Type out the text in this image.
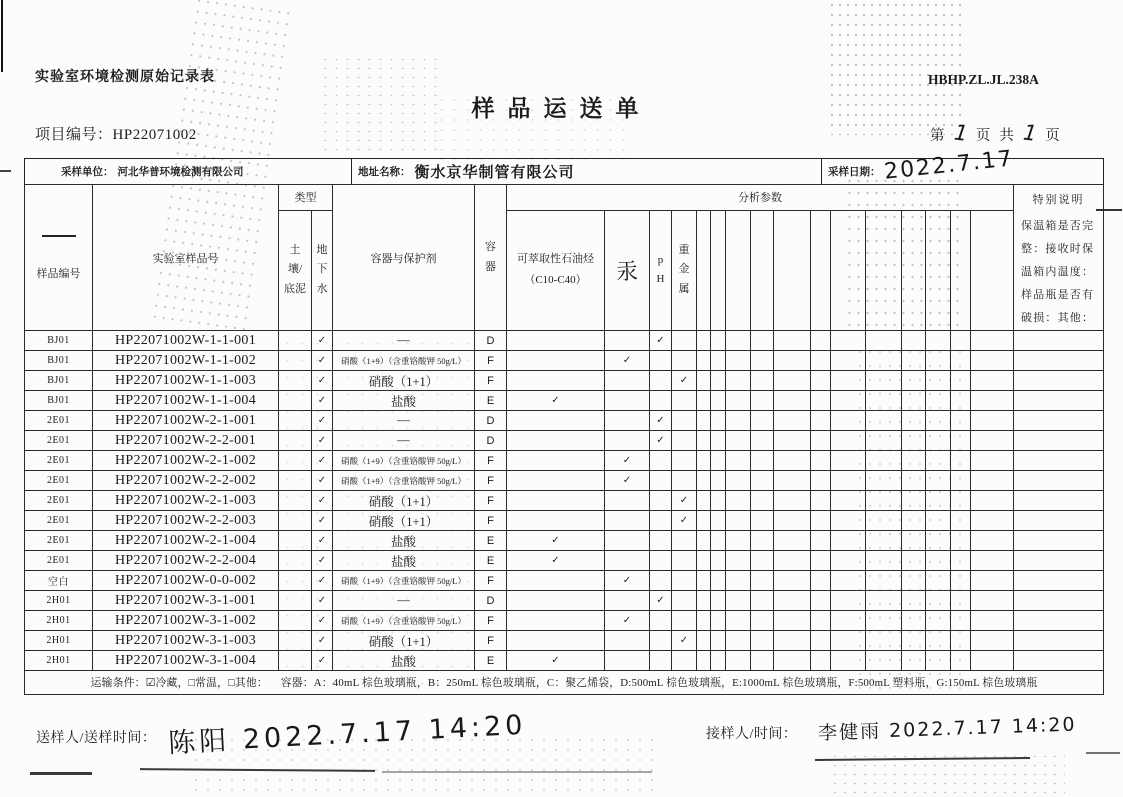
实验室环境检测原始记录表	HBHP.ZL.JL.238A
样品运送单
项目编号：HP22071002	第 1 页 共 1 页
采样单位： 河北华普环境检测有限公司	地址名称： 衡水京华制管有限公司	采样日期： 2022.7.17
样品编号	实验室样品号	类型		容器与保护剂	容器	分析参数																特别说明
保温箱是否完整：接收时保温箱内温度：样品瓶是否有破损：其他：

		土壤/底泥	地下水			可萃取性石油烃（C10-C40）	汞	pH	重金属													

BJ01	HP22071002W-1-1-001		✓	—	D			✓														
BJ01	HP22071002W-1-1-002		✓	硝酸（1+9）（含重铬酸钾 50g/L）	F		✓															
BJ01	HP22071002W-1-1-003		✓	硝酸（1+1）	F				✓													
BJ01	HP22071002W-1-1-004		✓	盐酸	E	✓																
2E01	HP22071002W-2-1-001		✓	—	D			✓														
2E01	HP22071002W-2-2-001		✓	—	D			✓														
2E01	HP22071002W-2-1-002		✓	硝酸（1+9）（含重铬酸钾 50g/L）	F		✓															
2E01	HP22071002W-2-2-002		✓	硝酸（1+9）（含重铬酸钾 50g/L）	F		✓															
2E01	HP22071002W-2-1-003		✓	硝酸（1+1）	F				✓													
2E01	HP22071002W-2-2-003		✓	硝酸（1+1）	F				✓													
2E01	HP22071002W-2-1-004		✓	盐酸	E	✓																
2E01	HP22071002W-2-2-004		✓	盐酸	E	✓																
空白	HP22071002W-0-0-002		✓	硝酸（1+9）（含重铬酸钾 50g/L）	F		✓															
2H01	HP22071002W-3-1-001		✓	—	D			✓														
2H01	HP22071002W-3-1-002		✓	硝酸（1+9）（含重铬酸钾 50g/L）	F		✓															
2H01	HP22071002W-3-1-003		✓	硝酸（1+1）	F				✓													
2H01	HP22071002W-3-1-004		✓	盐酸	E	✓																
运输条件：☑冷藏，□常温，□其他： 容器：A：40mL 棕色玻璃瓶，B：250mL 棕色玻璃瓶，C：聚乙烯袋，D:500mL 棕色玻璃瓶，E:1000mL 棕色玻璃瓶，F:500mL 塑料瓶，G:150mL 棕色玻璃瓶																						
送样人/送样时间： 陈阳 2022.7.17 14:20	接样人/时间： 李健雨 2022.7.17 14:20
